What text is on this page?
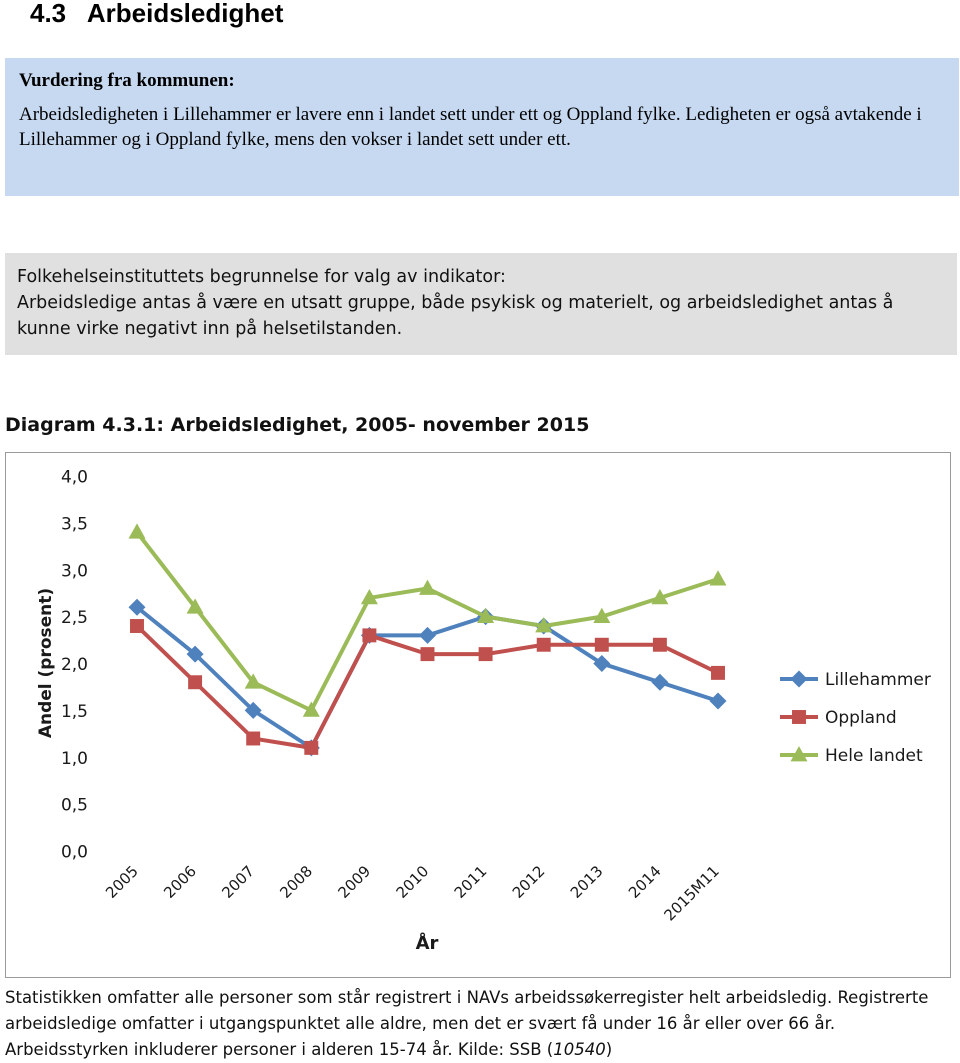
4.3 Arbeidsledighet

Vurdering fra kommunen:

Arbeidsledigheten i Lillehammer er lavere enn i landet sett under ett og Oppland fylke. Ledigheten er også avtakende i Lillehammer og i Oppland fylke, mens den vokser i landet sett under ett.

Folkehelseinstituttets begrunnelse for valg av indikator:

Arbeidsledige antas å være en utsatt gruppe, både psykisk og materielt, og arbeidsledighet antas å kunne virke negativt inn på helsetilstanden.

Diagram 4.3.1: Arbeidsledighet, 2005- november 2015

0,0
0,5
1,0
1,5
2,0
2,5
3,0
3,5
4,0
Andel (prosent)
2005 2006 2007 2008 2009 2010 2011 2012 2013 2014
2015M11
År
Lillehammer
Oppland
Hele landet

Statistikken omfatter alle personer som står registrert i NAVs arbeidssøkerregister helt arbeidsledig. Registrerte arbeidsledige omfatter i utgangspunktet alle aldre, men det er svært få under 16 år eller over 66 år. Arbeidsstyrken inkluderer personer i alderen 15-74 år. Kilde: SSB (10540)
